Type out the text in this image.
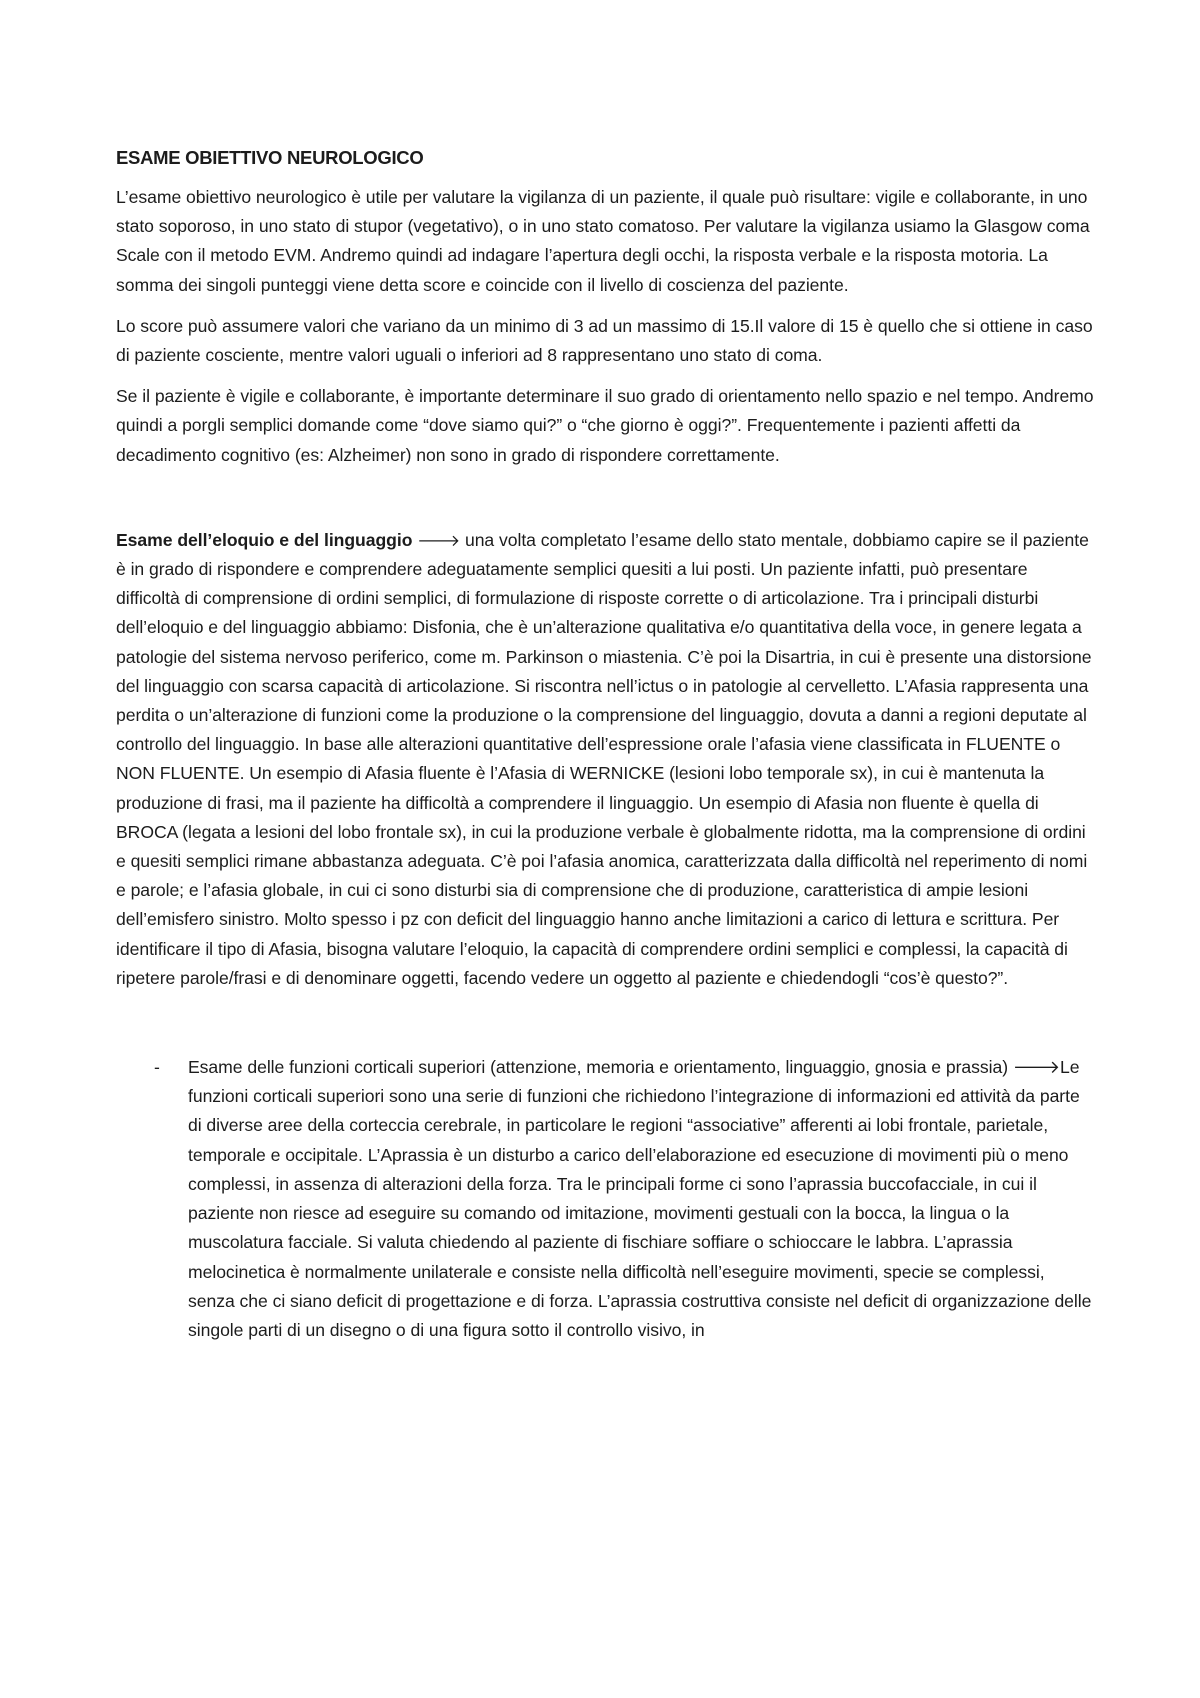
ESAME OBIETTIVO NEUROLOGICO

L’esame obiettivo neurologico è utile per valutare la vigilanza di un paziente, il quale può risultare: vigile e collaborante, in uno stato soporoso, in uno stato di stupor (vegetativo), o in uno stato comatoso. Per valutare la vigilanza usiamo la Glasgow coma Scale con il metodo EVM. Andremo quindi ad indagare l’apertura degli occhi, la risposta verbale e la risposta motoria. La somma dei singoli punteggi viene detta score e coincide con il livello di coscienza del paziente.

Lo score può assumere valori che variano da un minimo di 3 ad un massimo di 15.Il valore di 15 è quello che si ottiene in caso di paziente cosciente, mentre valori uguali o inferiori ad 8 rappresentano uno stato di coma.

Se il paziente è vigile e collaborante, è importante determinare il suo grado di orientamento nello spazio e nel tempo. Andremo quindi a porgli semplici domande come “dove siamo qui?” o “che giorno è oggi?”. Frequentemente i pazienti affetti da decadimento cognitivo (es: Alzheimer) non sono in grado di rispondere correttamente.

Esame dell’eloquio e del linguaggio 🡒 una volta completato l’esame dello stato mentale, dobbiamo capire se il paziente è in grado di rispondere e comprendere adeguatamente semplici quesiti a lui posti. Un paziente infatti, può presentare difficoltà di comprensione di ordini semplici, di formulazione di risposte corrette o di articolazione. Tra i principali disturbi dell’eloquio e del linguaggio abbiamo: Disfonia, che è un’alterazione qualitativa e/o quantitativa della voce, in genere legata a patologie del sistema nervoso periferico, come m. Parkinson o miastenia. C’è poi la Disartria, in cui è presente una distorsione del linguaggio con scarsa capacità di articolazione. Si riscontra nell’ictus o in patologie al cervelletto. L’Afasia rappresenta una perdita o un’alterazione di funzioni come la produzione o la comprensione del linguaggio, dovuta a danni a regioni deputate al controllo del linguaggio. In base alle alterazioni quantitative dell’espressione orale l’afasia viene classificata in FLUENTE o NON FLUENTE. Un esempio di Afasia fluente è l’Afasia di WERNICKE (lesioni lobo temporale sx), in cui è mantenuta la produzione di frasi, ma il paziente ha difficoltà a comprendere il linguaggio. Un esempio di Afasia non fluente è quella di BROCA (legata a lesioni del lobo frontale sx), in cui la produzione verbale è globalmente ridotta, ma la comprensione di ordini e quesiti semplici rimane abbastanza adeguata. C’è poi l’afasia anomica, caratterizzata dalla difficoltà nel reperimento di nomi e parole; e l’afasia globale, in cui ci sono disturbi sia di comprensione che di produzione, caratteristica di ampie lesioni dell’emisfero sinistro. Molto spesso i pz con deficit del linguaggio hanno anche limitazioni a carico di lettura e scrittura. Per identificare il tipo di Afasia, bisogna valutare l’eloquio, la capacità di comprendere ordini semplici e complessi, la capacità di ripetere parole/frasi e di denominare oggetti, facendo vedere un oggetto al paziente e chiedendogli “cos’è questo?”.

- Esame delle funzioni corticali superiori (attenzione, memoria e orientamento, linguaggio, gnosia e prassia) 🡒Le funzioni corticali superiori sono una serie di funzioni che richiedono l’integrazione di informazioni ed attività da parte di diverse aree della corteccia cerebrale, in particolare le regioni “associative” afferenti ai lobi frontale, parietale, temporale e occipitale. L’Aprassia è un disturbo a carico dell’elaborazione ed esecuzione di movimenti più o meno complessi, in assenza di alterazioni della forza. Tra le principali forme ci sono l’aprassia buccofacciale, in cui il paziente non riesce ad eseguire su comando od imitazione, movimenti gestuali con la bocca, la lingua o la muscolatura facciale. Si valuta chiedendo al paziente di fischiare soffiare o schioccare le labbra. L’aprassia melocinetica è normalmente unilaterale e consiste nella difficoltà nell’eseguire movimenti, specie se complessi, senza che ci siano deficit di progettazione e di forza. L’aprassia costruttiva consiste nel deficit di organizzazione delle singole parti di un disegno o di una figura sotto il controllo visivo, in
